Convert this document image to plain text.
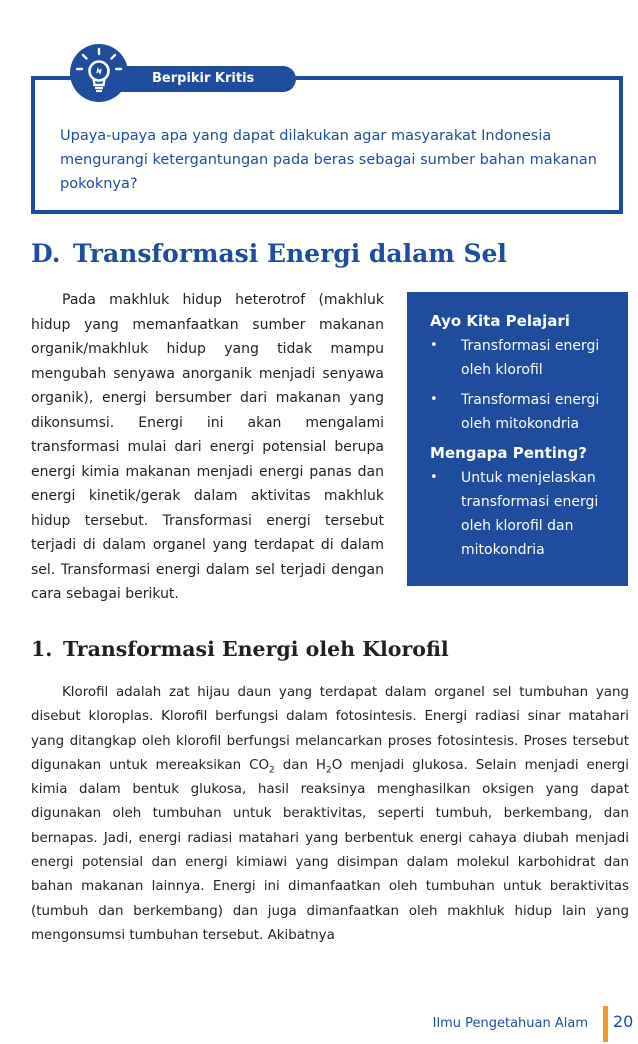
Berpikir Kritis

Upaya-upaya apa yang dapat dilakukan agar masyarakat Indonesia mengurangi ketergantungan pada beras sebagai sumber bahan makanan pokoknya?

D. Transformasi Energi dalam Sel

Pada makhluk hidup heterotrof (makhluk hidup yang memanfaatkan sumber makanan organik/makhluk hidup yang tidak mampu mengubah senyawa anorganik menjadi senyawa organik), energi bersumber dari makanan yang dikonsumsi. Energi ini akan mengalami transformasi mulai dari energi potensial berupa energi kimia makanan menjadi energi panas dan energi kinetik/gerak dalam aktivitas makhluk hidup tersebut. Transformasi energi tersebut terjadi di dalam organel yang terdapat di dalam sel. Transformasi energi dalam sel terjadi dengan cara sebagai berikut.

Ayo Kita Pelajari
• Transformasi energi oleh klorofil
• Transformasi energi oleh mitokondria
Mengapa Penting?
• Untuk menjelaskan transformasi energi oleh klorofil dan mitokondria
1. Transformasi Energi oleh Klorofil

Klorofil adalah zat hijau daun yang terdapat dalam organel sel tumbuhan yang disebut kloroplas. Klorofil berfungsi dalam fotosintesis. Energi radiasi sinar matahari yang ditangkap oleh klorofil berfungsi melancarkan proses fotosintesis. Proses tersebut digunakan untuk mereaksikan $CO_2$ dan $H_2O$ menjadi glukosa. Selain menjadi energi kimia dalam bentuk glukosa, hasil reaksinya menghasilkan oksigen yang dapat digunakan oleh tumbuhan untuk beraktivitas, seperti tumbuh, berkembang, dan bernapas. Jadi, energi radiasi matahari yang berbentuk energi cahaya diubah menjadi energi potensial dan energi kimiawi yang disimpan dalam molekul karbohidrat dan bahan makanan lainnya. Energi ini dimanfaatkan oleh tumbuhan untuk beraktivitas (tumbuh dan berkembang) dan juga dimanfaatkan oleh makhluk hidup lain yang mengonsumsi tumbuhan tersebut. Akibatnya

Ilmu Pengetahuan Alam 20
